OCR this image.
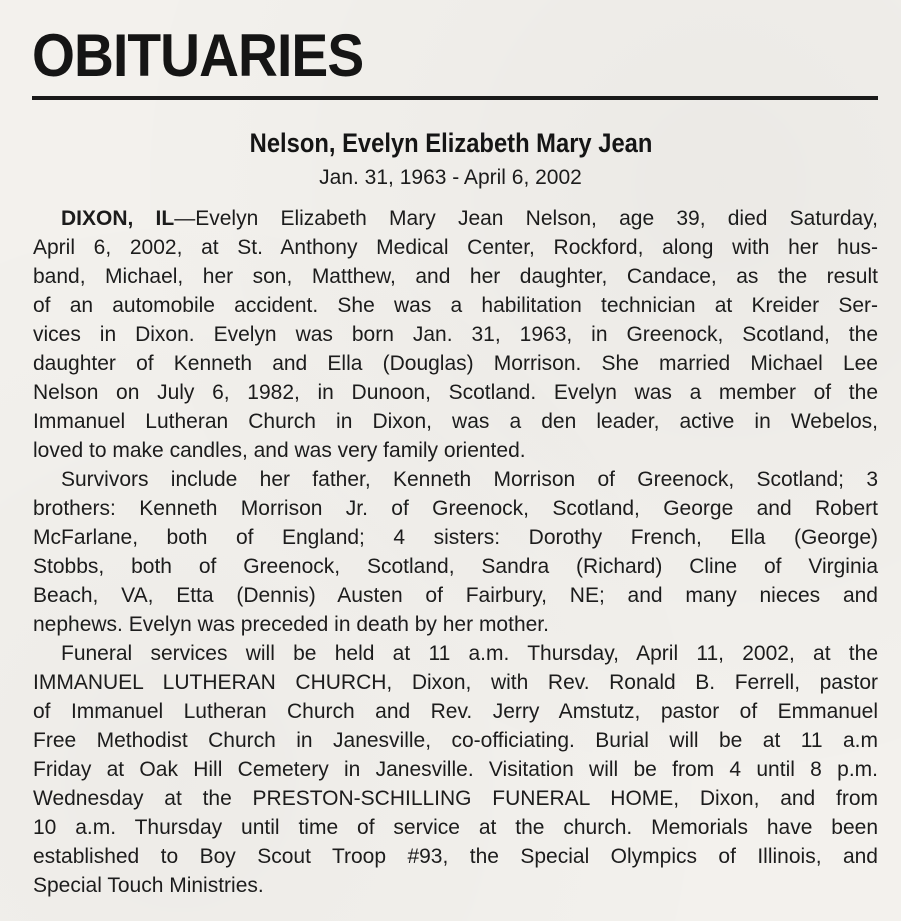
OBITUARIES
Nelson, Evelyn Elizabeth Mary Jean
Jan. 31, 1963 - April 6, 2002
DIXON, IL—Evelyn Elizabeth Mary Jean Nelson, age 39, died Saturday,
April 6, 2002, at St. Anthony Medical Center, Rockford, along with her hus-
band, Michael, her son, Matthew, and her daughter, Candace, as the result
of an automobile accident. She was a habilitation technician at Kreider Ser-
vices in Dixon. Evelyn was born Jan. 31, 1963, in Greenock, Scotland, the
daughter of Kenneth and Ella (Douglas) Morrison. She married Michael Lee
Nelson on July 6, 1982, in Dunoon, Scotland. Evelyn was a member of the
Immanuel Lutheran Church in Dixon, was a den leader, active in Webelos,
loved to make candles, and was very family oriented.
Survivors include her father, Kenneth Morrison of Greenock, Scotland; 3
brothers: Kenneth Morrison Jr. of Greenock, Scotland, George and Robert
McFarlane, both of England; 4 sisters: Dorothy French, Ella (George)
Stobbs, both of Greenock, Scotland, Sandra (Richard) Cline of Virginia
Beach, VA, Etta (Dennis) Austen of Fairbury, NE; and many nieces and
nephews. Evelyn was preceded in death by her mother.
Funeral services will be held at 11 a.m. Thursday, April 11, 2002, at the
IMMANUEL LUTHERAN CHURCH, Dixon, with Rev. Ronald B. Ferrell, pastor
of Immanuel Lutheran Church and Rev. Jerry Amstutz, pastor of Emmanuel
Free Methodist Church in Janesville, co-officiating. Burial will be at 11 a.m
Friday at Oak Hill Cemetery in Janesville. Visitation will be from 4 until 8 p.m.
Wednesday at the PRESTON-SCHILLING FUNERAL HOME, Dixon, and from
10 a.m. Thursday until time of service at the church. Memorials have been
established to Boy Scout Troop #93, the Special Olympics of Illinois, and
Special Touch Ministries.
